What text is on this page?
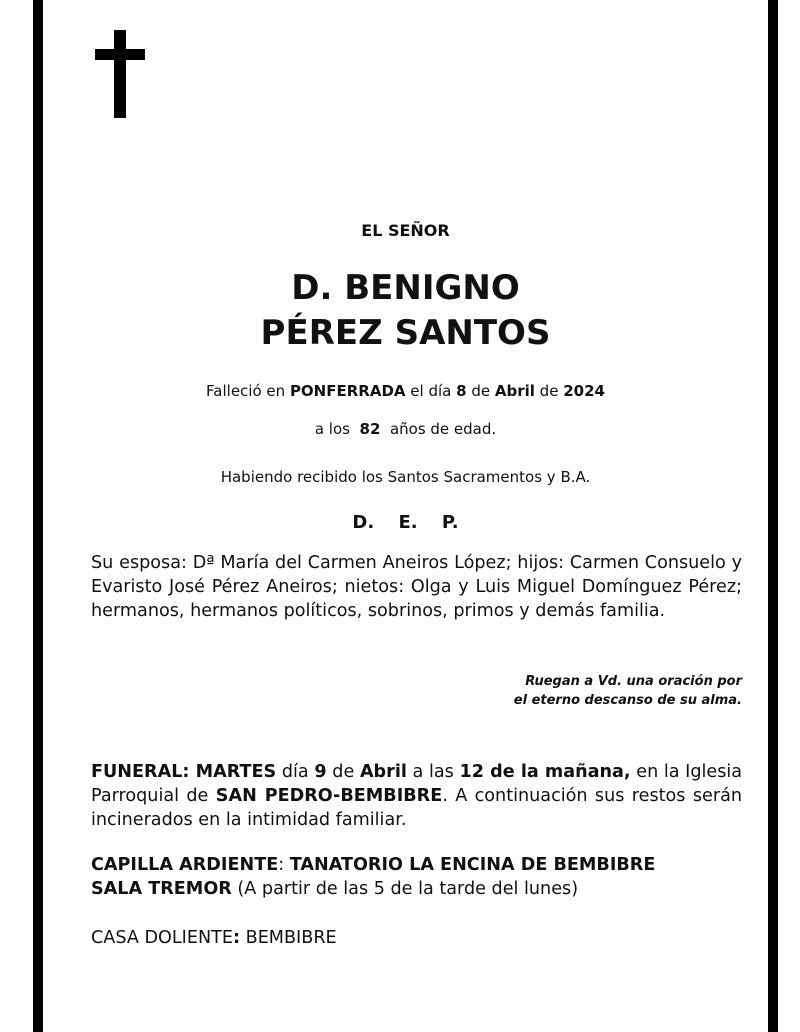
EL SEÑOR
D. BENIGNO
PÉREZ SANTOS
Falleció en PONFERRADA el día 8 de Abril de 2024
a los 82 años de edad.
Habiendo recibido los Santos Sacramentos y B.A.
D. E. P.
Su esposa: Dª María del Carmen Aneiros López; hijos: Carmen Consuelo y Evaristo José Pérez Aneiros; nietos: Olga y Luis Miguel Domínguez Pérez; hermanos, hermanos políticos, sobrinos, primos y demás familia.
Ruegan a Vd. una oración por
el eterno descanso de su alma.
FUNERAL: MARTES día 9 de Abril a las 12 de la mañana, en la Iglesia Parroquial de SAN PEDRO-BEMBIBRE. A continuación sus restos serán incinerados en la intimidad familiar.
CAPILLA ARDIENTE: TANATORIO LA ENCINA DE BEMBIBRE
SALA TREMOR (A partir de las 5 de la tarde del lunes)
CASA DOLIENTE: BEMBIBRE
